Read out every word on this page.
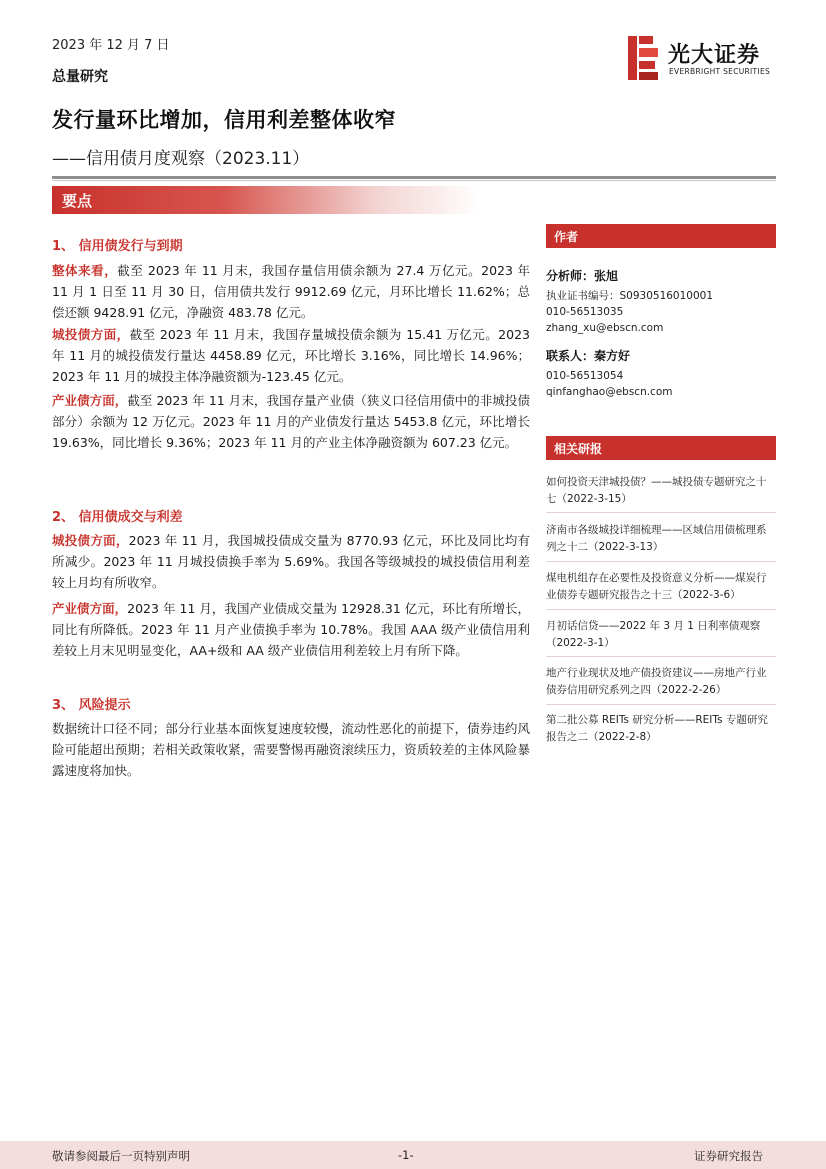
2023 年 12 月 7 日
总量研究
发行量环比增加，信用利差整体收窄
——信用债月度观察（2023.11）
光大证券
EVERBRIGHT SECURITIES
要点
1、 信用债发行与到期
整体来看，截至 2023 年 11 月末，我国存量信用债余额为 27.4 万亿元。2023 年 11 月 1 日至 11 月 30 日，信用债共发行 9912.69 亿元，月环比增长 11.62%；总偿还额 9428.91 亿元，净融资 483.78 亿元。
城投债方面，截至 2023 年 11 月末，我国存量城投债余额为 15.41 万亿元。2023 年 11 月的城投债发行量达 4458.89 亿元，环比增长 3.16%，同比增长 14.96%；2023 年 11 月的城投主体净融资额为-123.45 亿元。
产业债方面，截至 2023 年 11 月末，我国存量产业债（狭义口径信用债中的非城投债部分）余额为 12 万亿元。2023 年 11 月的产业债发行量达 5453.8 亿元，环比增长 19.63%，同比增长 9.36%；2023 年 11 月的产业主体净融资额为 607.23 亿元。
2、 信用债成交与利差
城投债方面，2023 年 11 月，我国城投债成交量为 8770.93 亿元，环比及同比均有所减少。2023 年 11 月城投债换手率为 5.69%。我国各等级城投的城投债信用利差较上月均有所收窄。
产业债方面，2023 年 11 月，我国产业债成交量为 12928.31 亿元，环比有所增长，同比有所降低。2023 年 11 月产业债换手率为 10.78%。我国 AAA 级产业债信用利差较上月末见明显变化，AA+级和 AA 级产业债信用利差较上月有所下降。
3、 风险提示
数据统计口径不同；部分行业基本面恢复速度较慢，流动性恶化的前提下，债券违约风险可能超出预期；若相关政策收紧，需要警惕再融资滚续压力，资质较差的主体风险暴露速度将加快。
作者
分析师：张旭
执业证书编号：S0930516010001
010-56513035
zhang_xu@ebscn.com
联系人：秦方好
010-56513054
qinfanghao@ebscn.com
相关研报
如何投资天津城投债？——城投债专题研究之十七（2022-3-15）
济南市各级城投详细梳理——区域信用债梳理系列之十二（2022-3-13）
煤电机组存在必要性及投资意义分析——煤炭行业债券专题研究报告之十三（2022-3-6）
月初话信贷——2022 年 3 月 1 日利率债观察（2022-3-1）
地产行业现状及地产债投资建议——房地产行业债券信用研究系列之四（2022-2-26）
第二批公募 REITs 研究分析——REITs 专题研究报告之二（2022-2-8）
敬请参阅最后一页特别声明	-1-	证券研究报告
